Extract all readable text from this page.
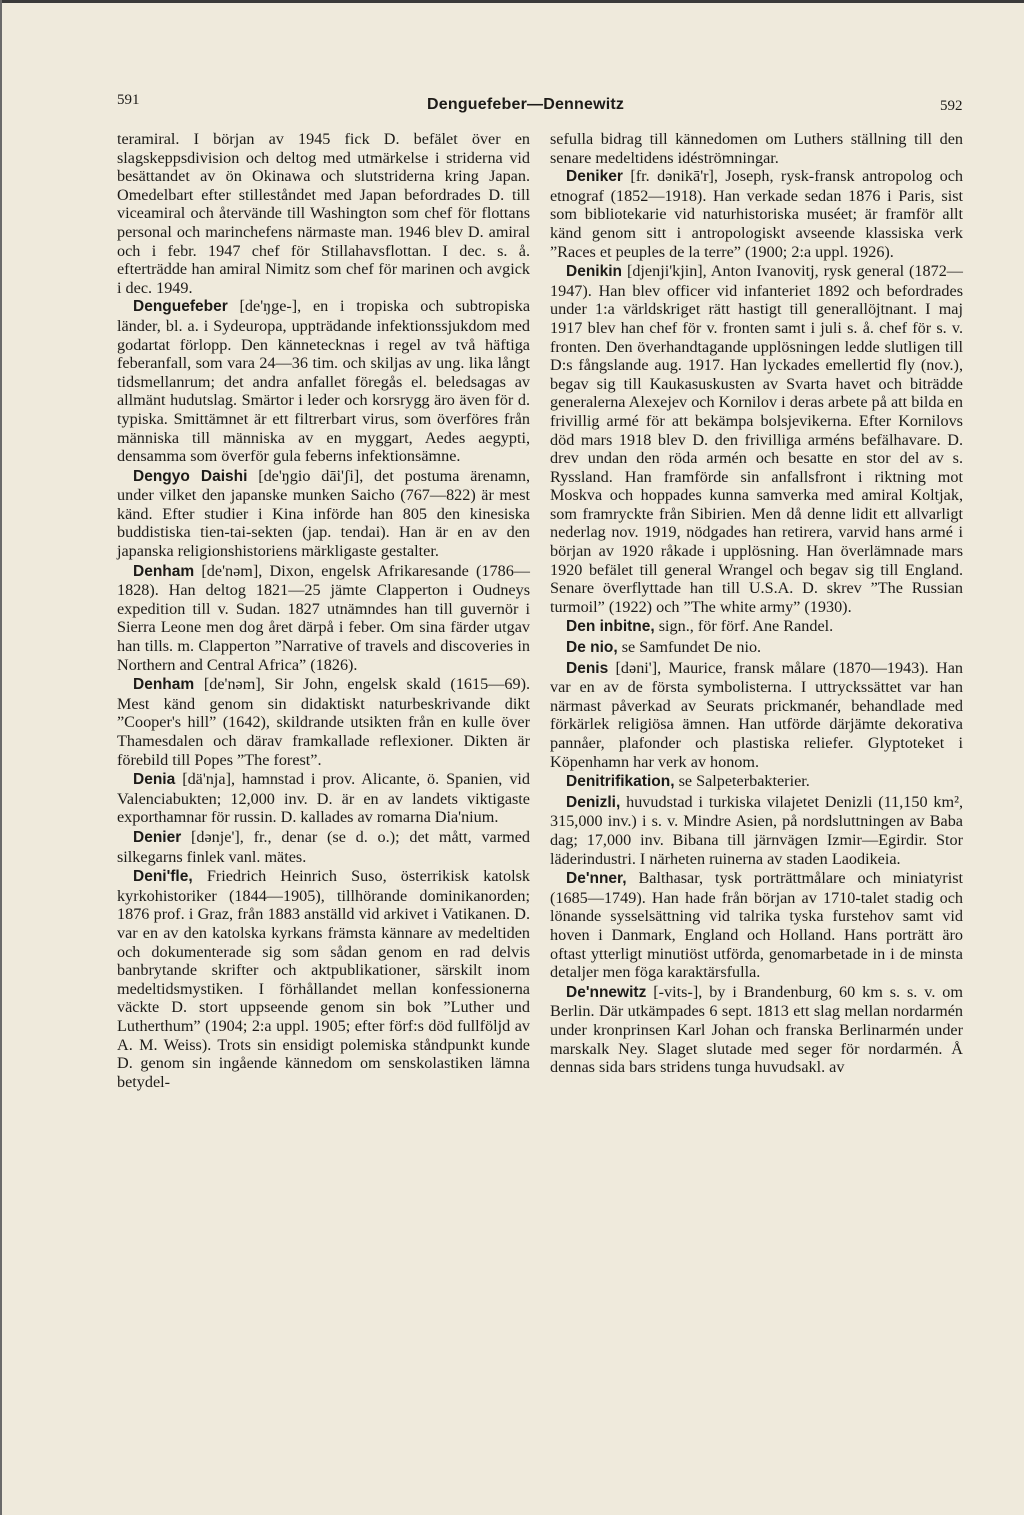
591	Denguefeber—Dennewitz	592

teramiral. I början av 1945 fick D. befälet över en slagskeppsdivision och deltog med utmärkelse i striderna vid besättandet av ön Okinawa och slutstriderna kring Japan. Omedelbart efter stilleståndet med Japan befordrades D. till viceamiral och återvände till Washington som chef för flottans personal och marinchefens närmaste man. 1946 blev D. amiral och i febr. 1947 chef för Stillahavsflottan. I dec. s. å. efterträdde han amiral Nimitz som chef för marinen och avgick i dec. 1949.

Denguefeber [de'ŋge-], en i tropiska och subtropiska länder, bl. a. i Sydeuropa, uppträdande infektionssjukdom med godartat förlopp. Den kännetecknas i regel av två häftiga feberanfall, som vara 24—36 tim. och skiljas av ung. lika långt tidsmellanrum; det andra anfallet föregås el. beledsagas av allmänt hudutslag. Smärtor i leder och korsrygg äro även för d. typiska. Smittämnet är ett filtrerbart virus, som överföres från människa till människa av en myggart, Aedes aegypti, densamma som överför gula feberns infektionsämne.

Dengyo Daishi [de'ŋgio dāi'ʃi], det postuma ärenamn, under vilket den japanske munken Saicho (767—822) är mest känd. Efter studier i Kina införde han 805 den kinesiska buddistiska tien-tai-sekten (jap. tendai). Han är en av den japanska religionshistoriens märkligaste gestalter.

Denham [de'nəm], Dixon, engelsk Afrikaresande (1786—1828). Han deltog 1821—25 jämte Clapperton i Oudneys expedition till v. Sudan. 1827 utnämndes han till guvernör i Sierra Leone men dog året därpå i feber. Om sina färder utgav han tills. m. Clapperton ”Narrative of travels and discoveries in Northern and Central Africa” (1826).

Denham [de'nəm], Sir John, engelsk skald (1615—69). Mest känd genom sin didaktiskt naturbeskrivande dikt ”Cooper's hill” (1642), skildrande utsikten från en kulle över Thamesdalen och därav framkallade reflexioner. Dikten är förebild till Popes ”The forest”.

Denia [dä'nja], hamnstad i prov. Alicante, ö. Spanien, vid Valenciabukten; 12,000 inv. D. är en av landets viktigaste exporthamnar för russin. D. kallades av romarna Dia'nium.

Denier [dənje'], fr., denar (se d. o.); det mått, varmed silkegarns finlek vanl. mätes.

Deni'fle, Friedrich Heinrich Suso, österrikisk katolsk kyrkohistoriker (1844—1905), tillhörande dominikanorden; 1876 prof. i Graz, från 1883 anställd vid arkivet i Vatikanen. D. var en av den katolska kyrkans främsta kännare av medeltiden och dokumenterade sig som sådan genom en rad delvis banbrytande skrifter och aktpublikationer, särskilt inom medeltidsmystiken. I förhållandet mellan konfessionerna väckte D. stort uppseende genom sin bok ”Luther und Lutherthum” (1904; 2:a uppl. 1905; efter förf:s död fullföljd av A. M. Weiss). Trots sin ensidigt polemiska ståndpunkt kunde D. genom sin ingående kännedom om senskolastiken lämna betydel-

sefulla bidrag till kännedomen om Luthers ställning till den senare medeltidens idéströmningar.

Deniker [fr. dənikā'r], Joseph, rysk-fransk antropolog och etnograf (1852—1918). Han verkade sedan 1876 i Paris, sist som bibliotekarie vid naturhistoriska muséet; är framför allt känd genom sitt i antropologiskt avseende klassiska verk ”Races et peuples de la terre” (1900; 2:a uppl. 1926).

Denikin [djenji'kjin], Anton Ivanovitj, rysk general (1872—1947). Han blev officer vid infanteriet 1892 och befordrades under 1:a världskriget rätt hastigt till generallöjtnant. I maj 1917 blev han chef för v. fronten samt i juli s. å. chef för s. v. fronten. Den överhandtagande upplösningen ledde slutligen till D:s fångslande aug. 1917. Han lyckades emellertid fly (nov.), begav sig till Kaukasuskusten av Svarta havet och biträdde generalerna Alexejev och Kornilov i deras arbete på att bilda en frivillig armé för att bekämpa bolsjevikerna. Efter Kornilovs död mars 1918 blev D. den frivilliga arméns befälhavare. D. drev undan den röda armén och besatte en stor del av s. Ryssland. Han framförde sin anfallsfront i riktning mot Moskva och hoppades kunna samverka med amiral Koltjak, som framryckte från Sibirien. Men då denne lidit ett allvarligt nederlag nov. 1919, nödgades han retirera, varvid hans armé i början av 1920 råkade i upplösning. Han överlämnade mars 1920 befälet till general Wrangel och begav sig till England. Senare överflyttade han till U.S.A. D. skrev ”The Russian turmoil” (1922) och ”The white army” (1930).

Den inbitne, sign., för förf. Ane Randel.

De nio, se Samfundet De nio.

Denis [dəni'], Maurice, fransk målare (1870—1943). Han var en av de första symbolisterna. I uttryckssättet var han närmast påverkad av Seurats prickmanér, behandlade med förkärlek religiösa ämnen. Han utförde därjämte dekorativa pannåer, plafonder och plastiska reliefer. Glyptoteket i Köpenhamn har verk av honom.

Denitrifikation, se Salpeterbakterier.

Denizli, huvudstad i turkiska vilajetet Denizli (11,150 km², 315,000 inv.) i s. v. Mindre Asien, på nordsluttningen av Baba dag; 17,000 inv. Bibana till järnvägen Izmir—Egirdir. Stor läderindustri. I närheten ruinerna av staden Laodikeia.

De'nner, Balthasar, tysk porträttmålare och miniatyrist (1685—1749). Han hade från början av 1710-talet stadig och lönande sysselsättning vid talrika tyska furstehov samt vid hoven i Danmark, England och Holland. Hans porträtt äro oftast ytterligt minutiöst utförda, genomarbetade in i de minsta detaljer men föga karaktärsfulla.

De'nnewitz [-vits-], by i Brandenburg, 60 km s. s. v. om Berlin. Där utkämpades 6 sept. 1813 ett slag mellan nordarmén under kronprinsen Karl Johan och franska Berlinarmén under marskalk Ney. Slaget slutade med seger för nordarmén. Å dennas sida bars stridens tunga huvudsakl. av
